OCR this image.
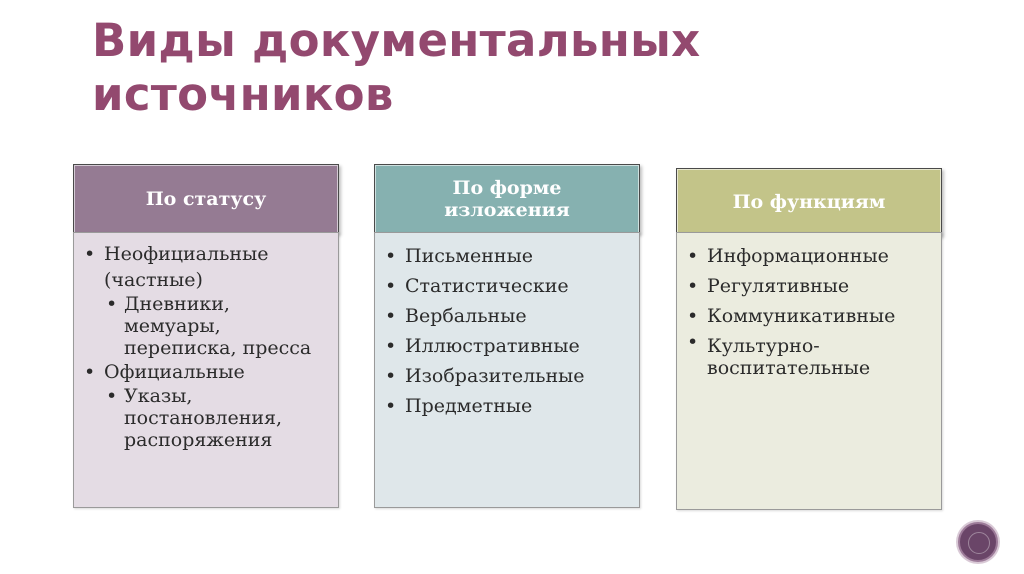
Виды документальных
источников
По статусу
• Неофициальные (частные)
• Дневники, мемуары, переписка, пресса
• Официальные
• Указы, постановления, распоряжения
По форме изложения
• Письменные
• Статистические
• Вербальные
• Иллюстративные
• Изобразительные
• Предметные
По функциям
• Информационные
• Регулятивные
• Коммуникативные
• Культурно-воспитательные
